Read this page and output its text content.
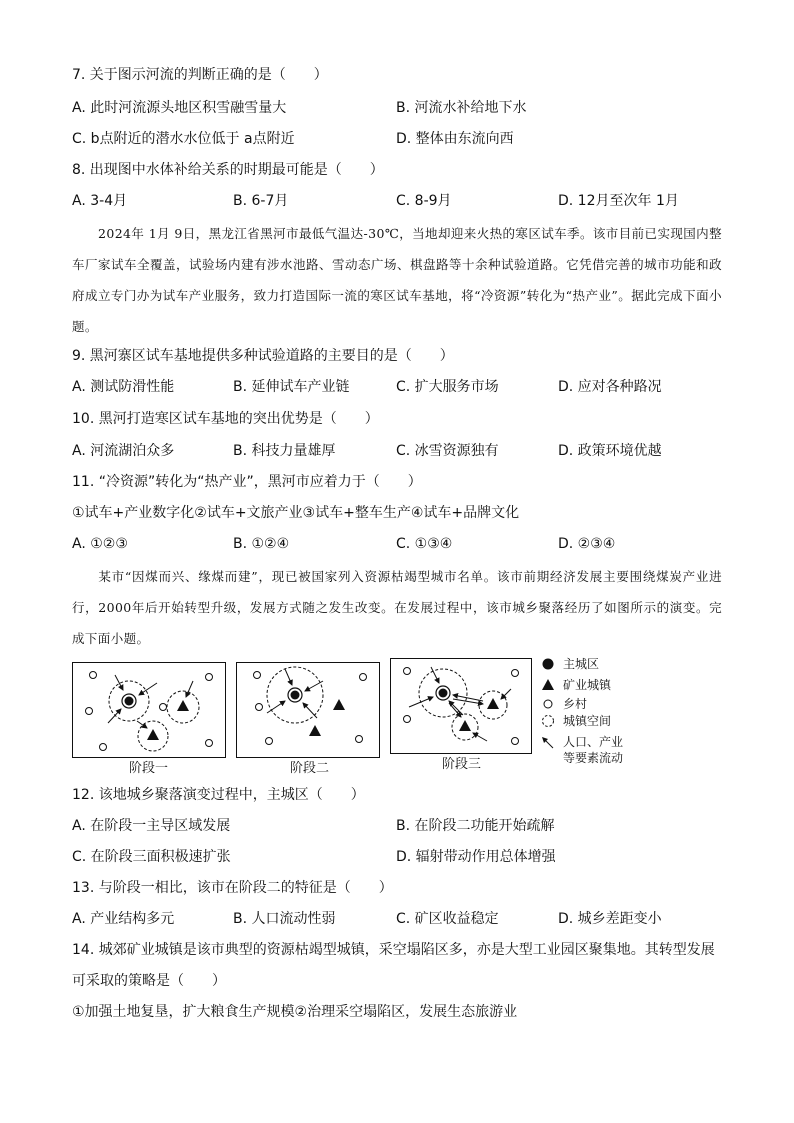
7. 关于图示河流的判断正确的是（　　）
A. 此时河流源头地区积雪融雪量大	B. 河流水补给地下水
C. b点附近的潜水水位低于 a点附近	D. 整体由东流向西
8. 出现图中水体补给关系的时期最可能是（　　）
A. 3-4月	B. 6-7月	C. 8-9月	D. 12月至次年 1月
2024年 1月 9日，黑龙江省黑河市最低气温达-30℃，当地却迎来火热的寒区试车季。该市目前已实现国内整车厂家试车全覆盖，试验场内建有涉水池路、雪动态广场、棋盘路等十余种试验道路。它凭借完善的城市功能和政府成立专门办为试车产业服务，致力打造国际一流的寒区试车基地，将“冷资源”转化为“热产业”。据此完成下面小题。
9. 黑河寨区试车基地提供多种试验道路的主要目的是（　　）
A. 测试防滑性能	B. 延伸试车产业链	C. 扩大服务市场	D. 应对各种路况
10. 黑河打造寒区试车基地的突出优势是（　　）
A. 河流湖泊众多	B. 科技力量雄厚	C. 冰雪资源独有	D. 政策环境优越
11. “冷资源”转化为“热产业”，黑河市应着力于（　　）
①试车+产业数字化②试车+文旅产业③试车+整车生产④试车+品牌文化
A. ①②③	B. ①②④	C. ①③④	D. ②③④
某市“因煤而兴、缘煤而建”，现已被国家列入资源枯竭型城市名单。该市前期经济发展主要围绕煤炭产业进行，2000年后开始转型升级，发展方式随之发生改变。在发展过程中，该市城乡聚落经历了如图所示的演变。完成下面小题。
阶段一	阶段二	阶段三
主城区
矿业城镇
乡村
城镇空间
人口、产业
等要素流动
12. 该地城乡聚落演变过程中，主城区（　　）
A. 在阶段一主导区域发展	B. 在阶段二功能开始疏解
C. 在阶段三面积极速扩张	D. 辐射带动作用总体增强
13. 与阶段一相比，该市在阶段二的特征是（　　）
A. 产业结构多元	B. 人口流动性弱	C. 矿区收益稳定	D. 城乡差距变小
14. 城郊矿业城镇是该市典型的资源枯竭型城镇，采空塌陷区多，亦是大型工业园区聚集地。其转型发展
可采取的策略是（　　）
①加强土地复垦，扩大粮食生产规模②治理采空塌陷区，发展生态旅游业
